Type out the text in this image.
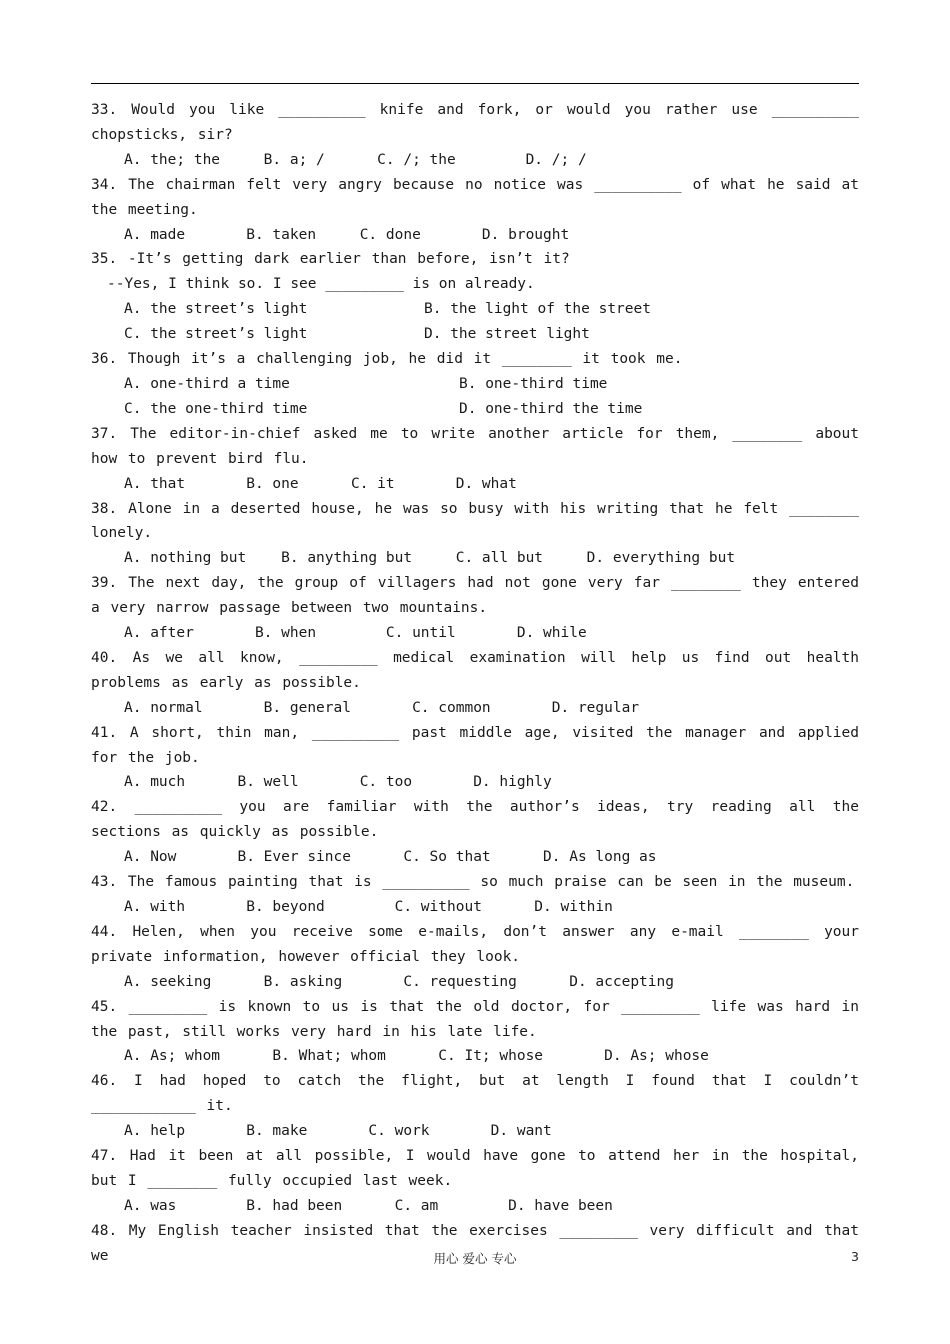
33. Would you like __________ knife and fork, or would you rather use __________ chopsticks, sir?
A. the; the     B. a; /      C. /; the        D. /; /
34. The chairman felt very angry because no notice was __________ of what he said at the meeting.
A. made       B. taken     C. done       D. brought
35. -It’s getting dark earlier than before, isn’t it?
--Yes, I think so. I see _________ is on already.
A. the street’s light	B. the light of the street
C. the street’s light	D. the street light
36. Though it’s a challenging job, he did it ________ it took me.
A. one-third a time	B. one-third time
C. the one-third time	D. one-third the time
37. The editor-in-chief asked me to write another article for them, ________ about how to prevent bird flu.
A. that       B. one      C. it       D. what
38. Alone in a deserted house, he was so busy with his writing that he felt ________ lonely.
A. nothing but    B. anything but     C. all but     D. everything but
39. The next day, the group of villagers had not gone very far ________ they entered a very narrow passage between two mountains.
A. after       B. when        C. until       D. while
40. As we all know, _________ medical examination will help us find out health problems as early as possible.
A. normal       B. general       C. common       D. regular
41. A short, thin man, __________ past middle age, visited the manager and applied for the job.
A. much      B. well       C. too       D. highly
42. __________ you are familiar with the author’s ideas, try reading all the sections as quickly as possible.
A. Now       B. Ever since      C. So that      D. As long as
43. The famous painting that is __________ so much praise can be seen in the museum.
A. with       B. beyond        C. without      D. within
44. Helen, when you receive some e-mails, don’t answer any e-mail ________ your private information, however official they look.
A. seeking      B. asking       C. requesting      D. accepting
45. _________ is known to us is that the old doctor, for _________ life was hard in the past, still works very hard in his late life.
A. As; whom      B. What; whom      C. It; whose       D. As; whose
46. I had hoped to catch the flight, but at length I found that I couldn’t ____________ it.
A. help       B. make       C. work       D. want
47. Had it been at all possible, I would have gone to attend her in the hospital, but I ________ fully occupied last week.
A. was        B. had been      C. am        D. have been
48. My English teacher insisted that the exercises _________ very difficult and that we	用心 爱心 专心	3
